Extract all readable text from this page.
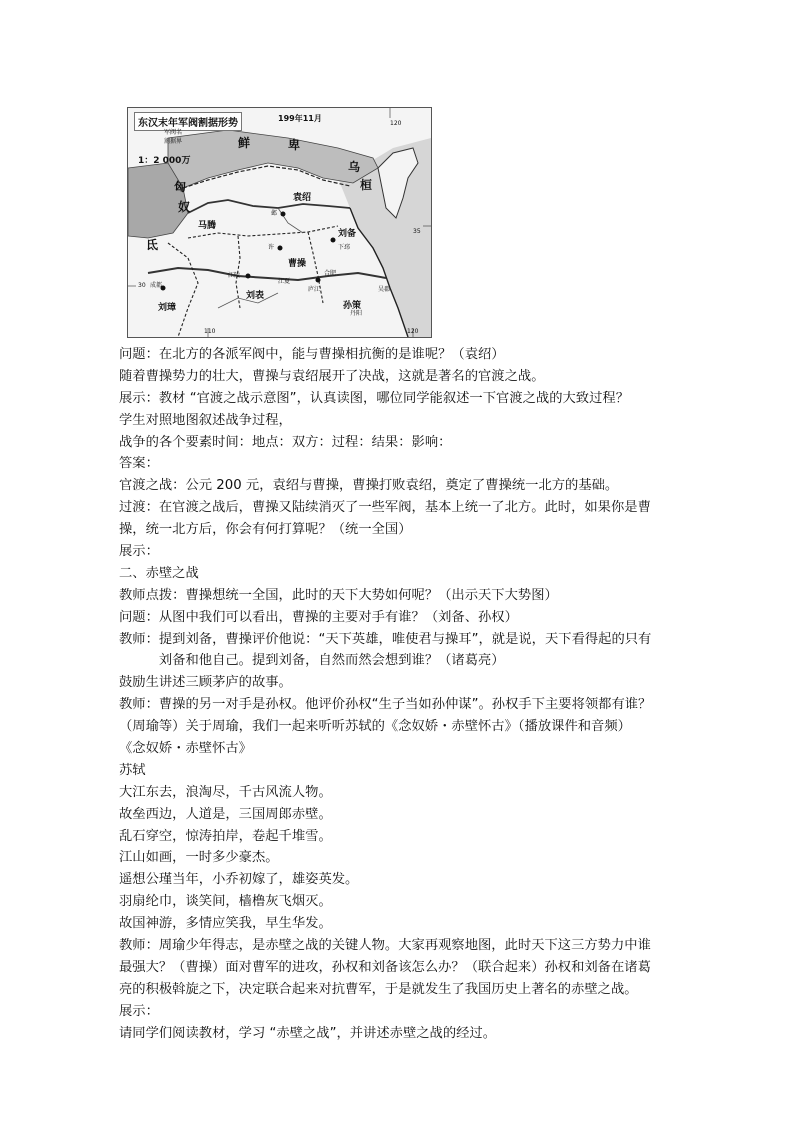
东汉末年军阀割据形势	199年11月
军阀名
割据界
1：2 000万
120
110	120
30
35
鲜	卑
乌
桓
匈
奴
氐
袁绍
曹操
刘备
孙策
刘表
刘璋
马腾
许
邺
下邳
江夏
庐江	吴郡
江陵
成都
丹阳
合肥
问题：在北方的各派军阀中，能与曹操相抗衡的是谁呢？（袁绍）
随着曹操势力的壮大，曹操与袁绍展开了决战，这就是著名的官渡之战。
展示：教材 “官渡之战示意图”，认真读图，哪位同学能叙述一下官渡之战的大致过程？
学生对照地图叙述战争过程，
战争的各个要素时间：地点：双方：过程：结果：影响：
答案：
官渡之战：公元 200 元，袁绍与曹操，曹操打败袁绍，奠定了曹操统一北方的基础。
过渡：在官渡之战后，曹操又陆续消灭了一些军阀，基本上统一了北方。此时，如果你是曹
操，统一北方后，你会有何打算呢？（统一全国）
展示：
二、赤壁之战
教师点拨：曹操想统一全国，此时的天下大势如何呢？（出示天下大势图）
问题：从图中我们可以看出，曹操的主要对手有谁？（刘备、孙权）
教师：提到刘备，曹操评价他说：“天下英雄，唯使君与操耳”，就是说，天下看得起的只有
　　　刘备和他自己。提到刘备，自然而然会想到谁？（诸葛亮）
鼓励生讲述三顾茅庐的故事。
教师：曹操的另一对手是孙权。他评价孙权“生子当如孙仲谋”。孙权手下主要将领都有谁？
（周瑜等）关于周瑜，我们一起来听听苏轼的《念奴娇・赤壁怀古》（播放课件和音频）
《念奴娇・赤壁怀古》
苏轼
大江东去，浪淘尽，千古风流人物。
故垒西边，人道是，三国周郎赤壁。
乱石穿空，惊涛拍岸，卷起千堆雪。
江山如画，一时多少豪杰。
遥想公瑾当年，小乔初嫁了，雄姿英发。
羽扇纶巾，谈笑间，樯橹灰飞烟灭。
故国神游，多情应笑我，早生华发。
教师：周瑜少年得志，是赤壁之战的关键人物。大家再观察地图，此时天下这三方势力中谁
最强大？（曹操）面对曹军的进攻，孙权和刘备该怎么办？（联合起来）孙权和刘备在诸葛
亮的积极斡旋之下，决定联合起来对抗曹军，于是就发生了我国历史上著名的赤壁之战。
展示：
请同学们阅读教材，学习 “赤壁之战”，并讲述赤壁之战的经过。
